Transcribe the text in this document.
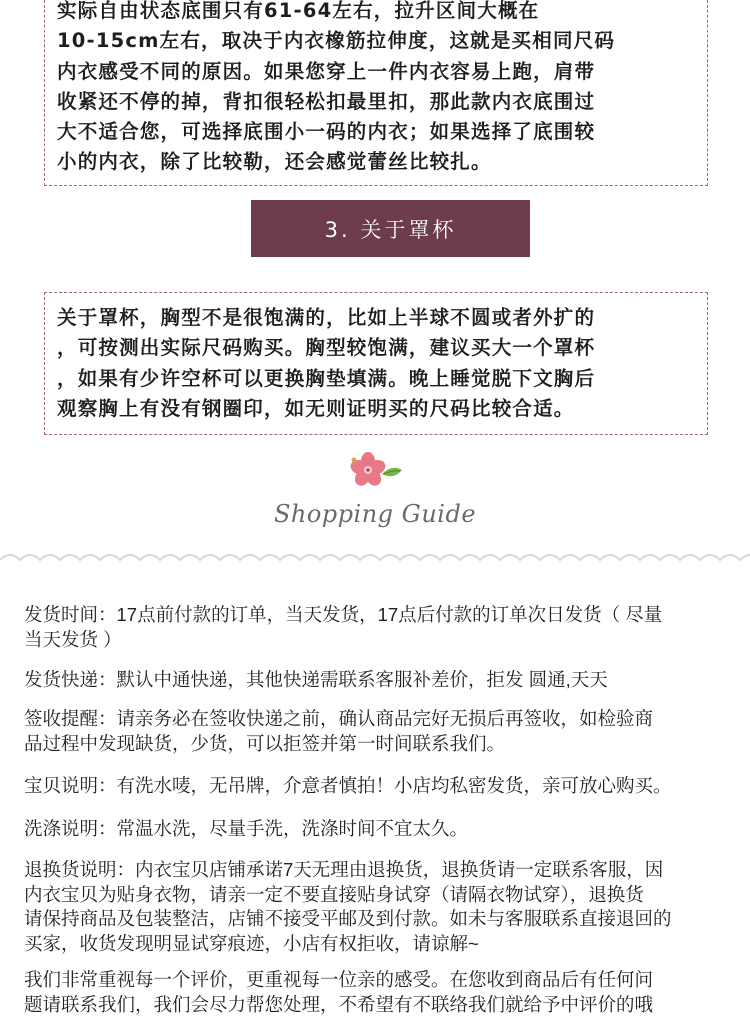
实际自由状态底围只有61-64左右，拉升区间大概在

10-15cm左右，取决于内衣橡筋拉伸度，这就是买相同尺码

内衣感受不同的原因。如果您穿上一件内衣容易上跑，肩带

收紧还不停的掉，背扣很轻松扣最里扣，那此款内衣底围过

大不适合您，可选择底围小一码的内衣；如果选择了底围较

小的内衣，除了比较勒，还会感觉蕾丝比较扎。

3. 关于罩杯

关于罩杯，胸型不是很饱满的，比如上半球不圆或者外扩的

，可按测出实际尺码购买。胸型较饱满，建议买大一个罩杯

，如果有少许空杯可以更换胸垫填满。晚上睡觉脱下文胸后

观察胸上有没有钢圈印，如无则证明买的尺码比较合适。

Shopping Guide
发货时间：17点前付款的订单，当天发货，17点后付款的订单次日发货（ 尽量
当天发货 ）
发货快递：默认中通快递，其他快递需联系客服补差价，拒发 圆通,天天
签收提醒：请亲务必在签收快递之前，确认商品完好无损后再签收，如检验商
品过程中发现缺货，少货，可以拒签并第一时间联系我们。
宝贝说明：有洗水唛，无吊牌，介意者慎拍！小店均私密发货，亲可放心购买。
洗涤说明：常温水洗，尽量手洗，洗涤时间不宜太久。
退换货说明：内衣宝贝店铺承诺7天无理由退换货，退换货请一定联系客服，因
内衣宝贝为贴身衣物，请亲一定不要直接贴身试穿（请隔衣物试穿），退换货
请保持商品及包装整洁，店铺不接受平邮及到付款。如未与客服联系直接退回的
买家，收货发现明显试穿痕迹，小店有权拒收，请谅解~
我们非常重视每一个评价，更重视每一位亲的感受。在您收到商品后有任何问
题请联系我们，我们会尽力帮您处理，不希望有不联络我们就给予中评价的哦
